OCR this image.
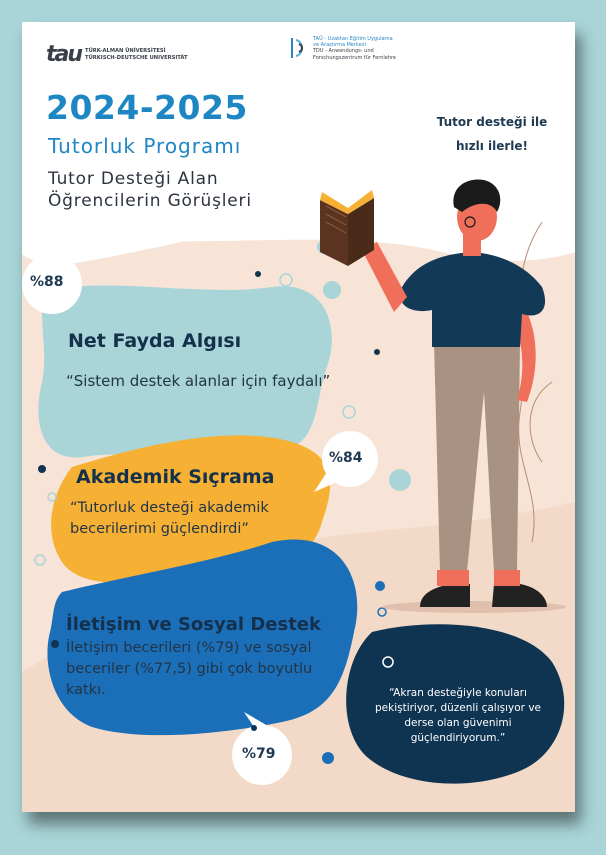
tau TÜRK-ALMAN ÜNİVERSİTESİ
TÜRKISCH-DEUTSCHE UNIVERSITÄT
TAÜ - Uzaktan Eğitim Uygulama
ve Araştırma Merkezi
TDU - Anwendungs- und
Forschungszentrum für Fernlehre
2024-2025
Tutorluk Programı
Tutor Desteği Alan
Öğrencilerin Görüşleri
Tutor desteği ile
hızlı ilerle!
%88
Net Fayda Algısı
“Sistem destek alanlar için faydalı”
%84
Akademik Sıçrama
“Tutorluk desteği akademik becerilerimi güçlendirdi”
İletişim ve Sosyal Destek
İletişim becerileri (%79) ve sosyal beceriler (%77,5) gibi çok boyutlu katkı.
%79
“Akran desteğiyle konuları pekiştiriyor, düzenli çalışıyor ve derse olan güvenimi güçlendiriyorum.”
